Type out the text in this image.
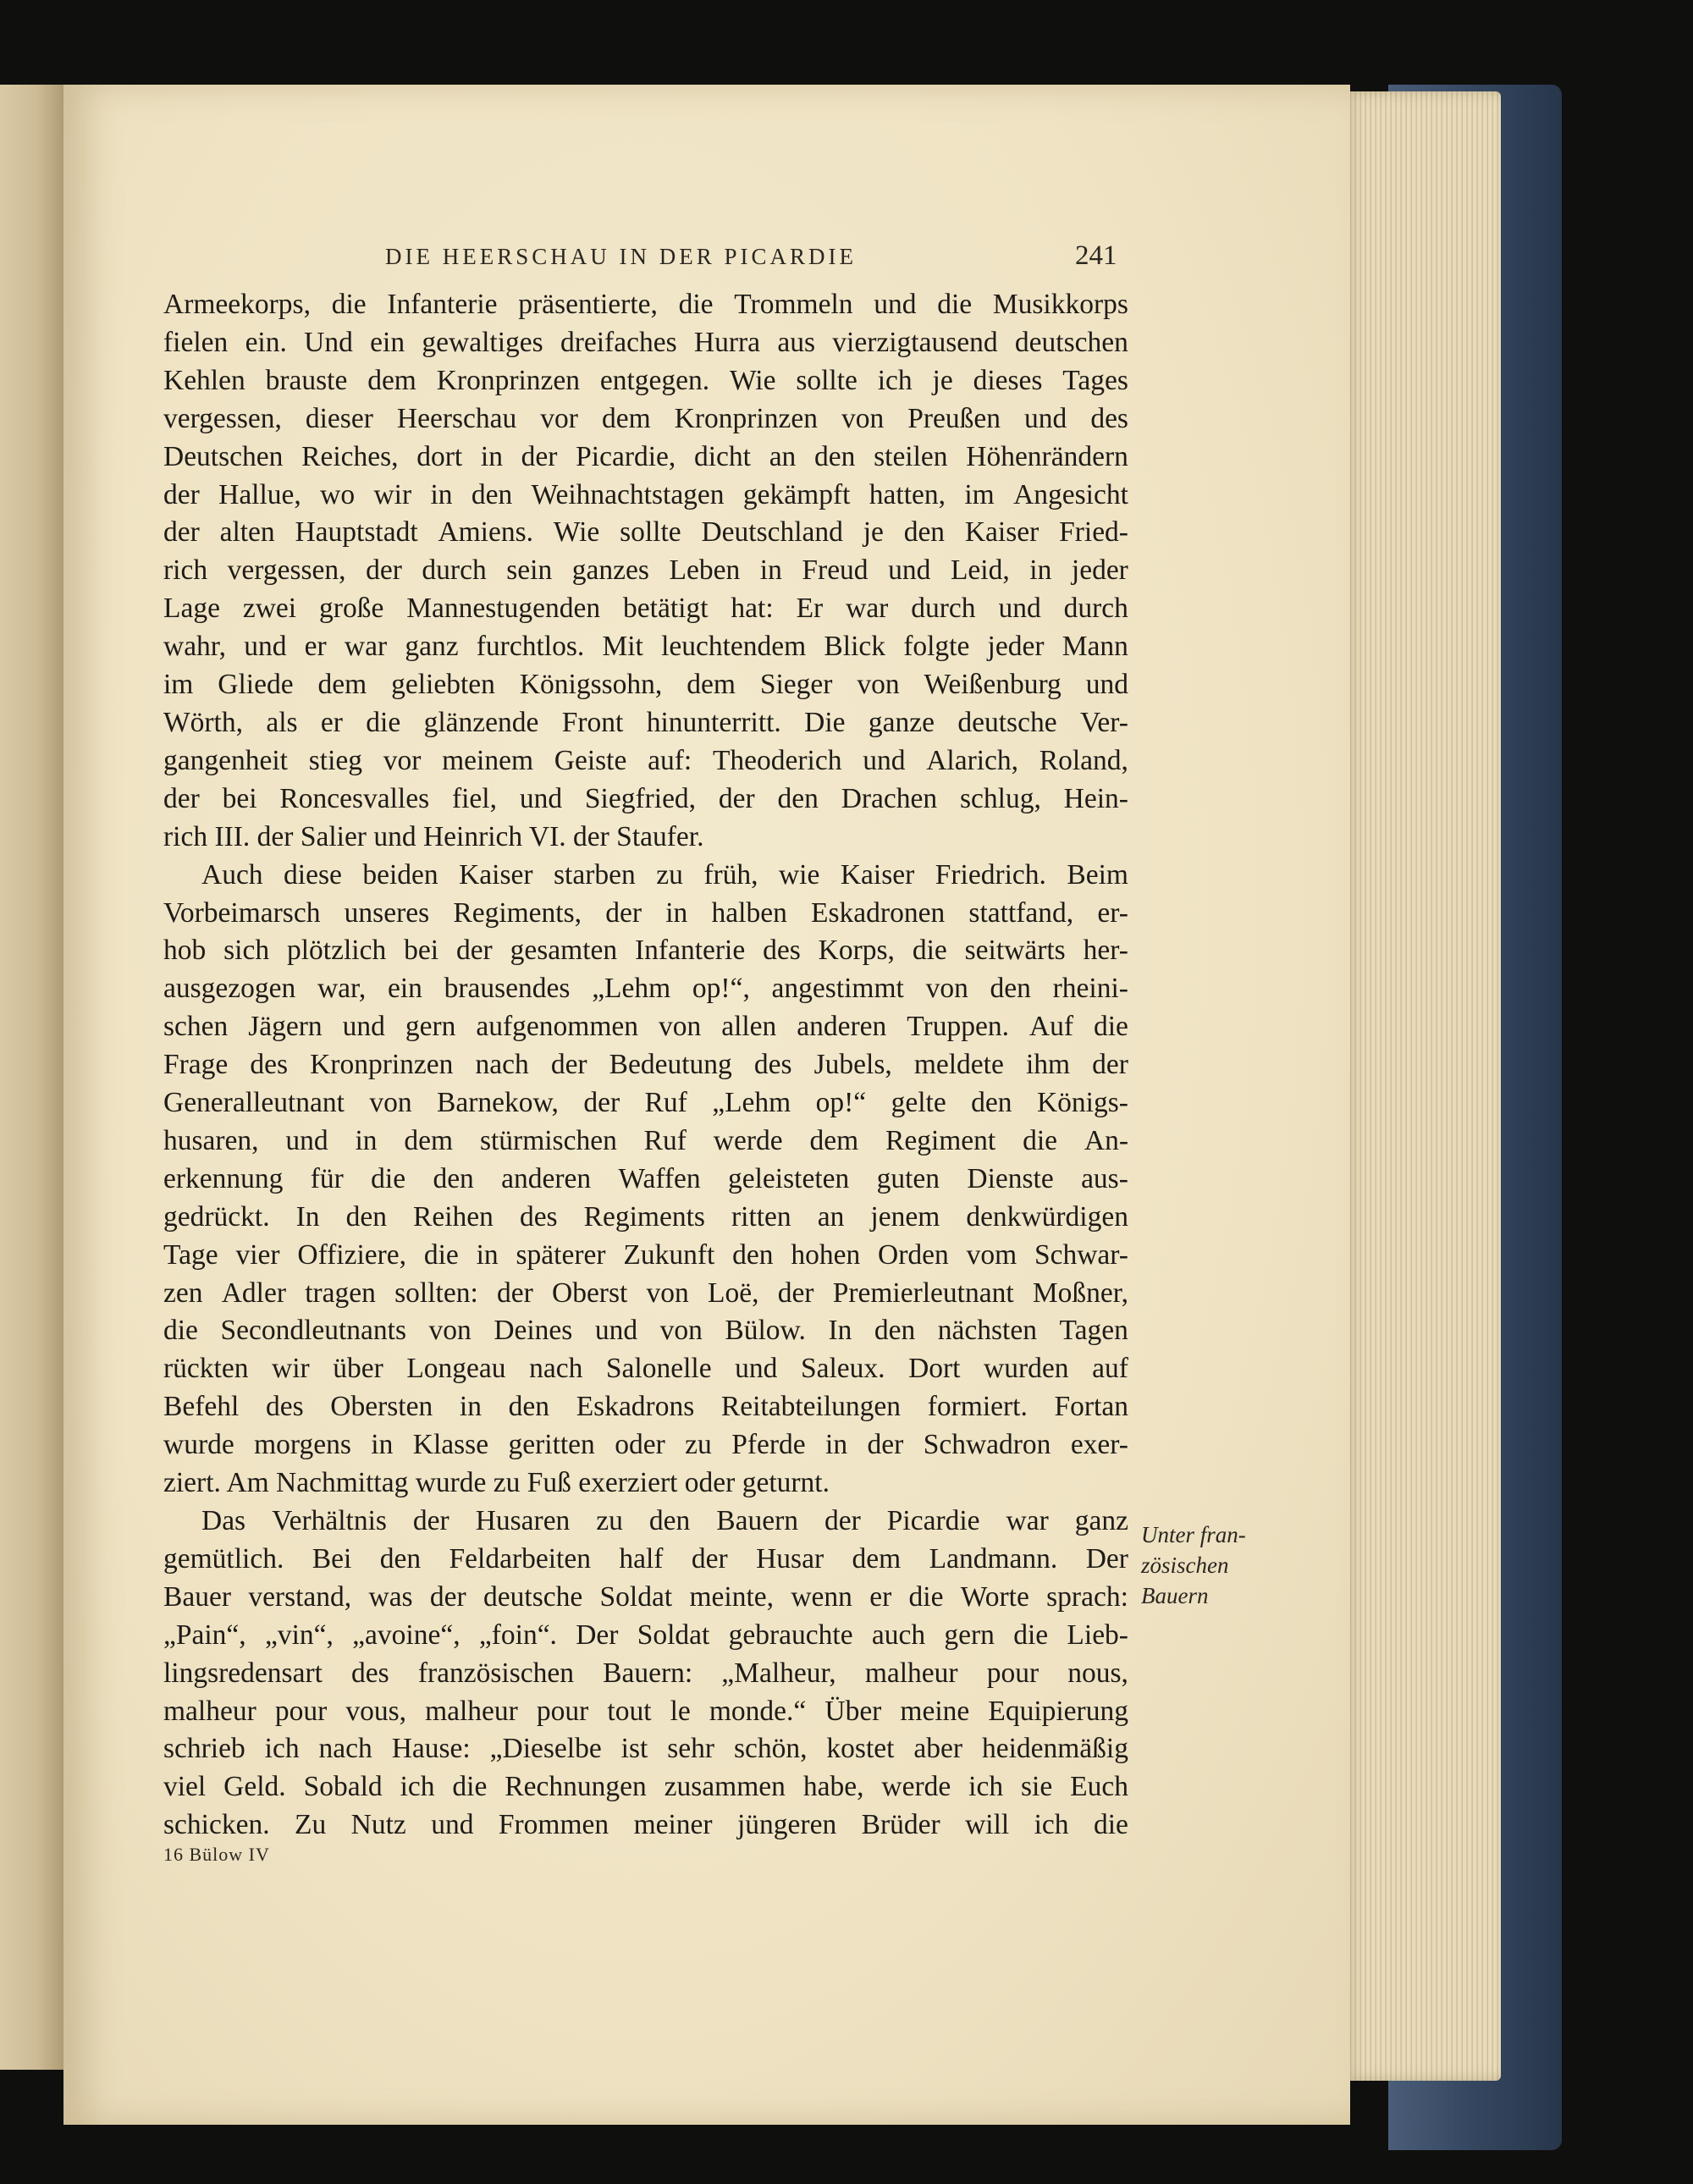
DIE HEERSCHAU IN DER PICARDIE	241
Armeekorps, die Infanterie präsentierte, die Trommeln und die Musikkorps
fielen ein. Und ein gewaltiges dreifaches Hurra aus vierzigtausend deutschen
Kehlen brauste dem Kronprinzen entgegen. Wie sollte ich je dieses Tages
vergessen, dieser Heerschau vor dem Kronprinzen von Preußen und des
Deutschen Reiches, dort in der Picardie, dicht an den steilen Höhenrändern
der Hallue, wo wir in den Weihnachtstagen gekämpft hatten, im Angesicht
der alten Hauptstadt Amiens. Wie sollte Deutschland je den Kaiser Fried-
rich vergessen, der durch sein ganzes Leben in Freud und Leid, in jeder
Lage zwei große Mannestugenden betätigt hat: Er war durch und durch
wahr, und er war ganz furchtlos. Mit leuchtendem Blick folgte jeder Mann
im Gliede dem geliebten Königssohn, dem Sieger von Weißenburg und
Wörth, als er die glänzende Front hinunterritt. Die ganze deutsche Ver-
gangenheit stieg vor meinem Geiste auf: Theoderich und Alarich, Roland,
der bei Roncesvalles fiel, und Siegfried, der den Drachen schlug, Hein-
rich III. der Salier und Heinrich VI. der Staufer.
Auch diese beiden Kaiser starben zu früh, wie Kaiser Friedrich. Beim
Vorbeimarsch unseres Regiments, der in halben Eskadronen stattfand, er-
hob sich plötzlich bei der gesamten Infanterie des Korps, die seitwärts her-
ausgezogen war, ein brausendes „Lehm op!“, angestimmt von den rheini-
schen Jägern und gern aufgenommen von allen anderen Truppen. Auf die
Frage des Kronprinzen nach der Bedeutung des Jubels, meldete ihm der
Generalleutnant von Barnekow, der Ruf „Lehm op!“ gelte den Königs-
husaren, und in dem stürmischen Ruf werde dem Regiment die An-
erkennung für die den anderen Waffen geleisteten guten Dienste aus-
gedrückt. In den Reihen des Regiments ritten an jenem denkwürdigen
Tage vier Offiziere, die in späterer Zukunft den hohen Orden vom Schwar-
zen Adler tragen sollten: der Oberst von Loë, der Premierleutnant Moßner,
die Secondleutnants von Deines und von Bülow. In den nächsten Tagen
rückten wir über Longeau nach Salonelle und Saleux. Dort wurden auf
Befehl des Obersten in den Eskadrons Reitabteilungen formiert. Fortan
wurde morgens in Klasse geritten oder zu Pferde in der Schwadron exer-
ziert. Am Nachmittag wurde zu Fuß exerziert oder geturnt.
Das Verhältnis der Husaren zu den Bauern der Picardie war ganz
gemütlich. Bei den Feldarbeiten half der Husar dem Landmann. Der
Bauer verstand, was der deutsche Soldat meinte, wenn er die Worte sprach:
„Pain“, „vin“, „avoine“, „foin“. Der Soldat gebrauchte auch gern die Lieb-
lingsredensart des französischen Bauern: „Malheur, malheur pour nous,
malheur pour vous, malheur pour tout le monde.“ Über meine Equipierung
schrieb ich nach Hause: „Dieselbe ist sehr schön, kostet aber heidenmäßig
viel Geld. Sobald ich die Rechnungen zusammen habe, werde ich sie Euch
schicken. Zu Nutz und Frommen meiner jüngeren Brüder will ich die
Unter fran-
zösischen
Bauern
16 Bülow IV
